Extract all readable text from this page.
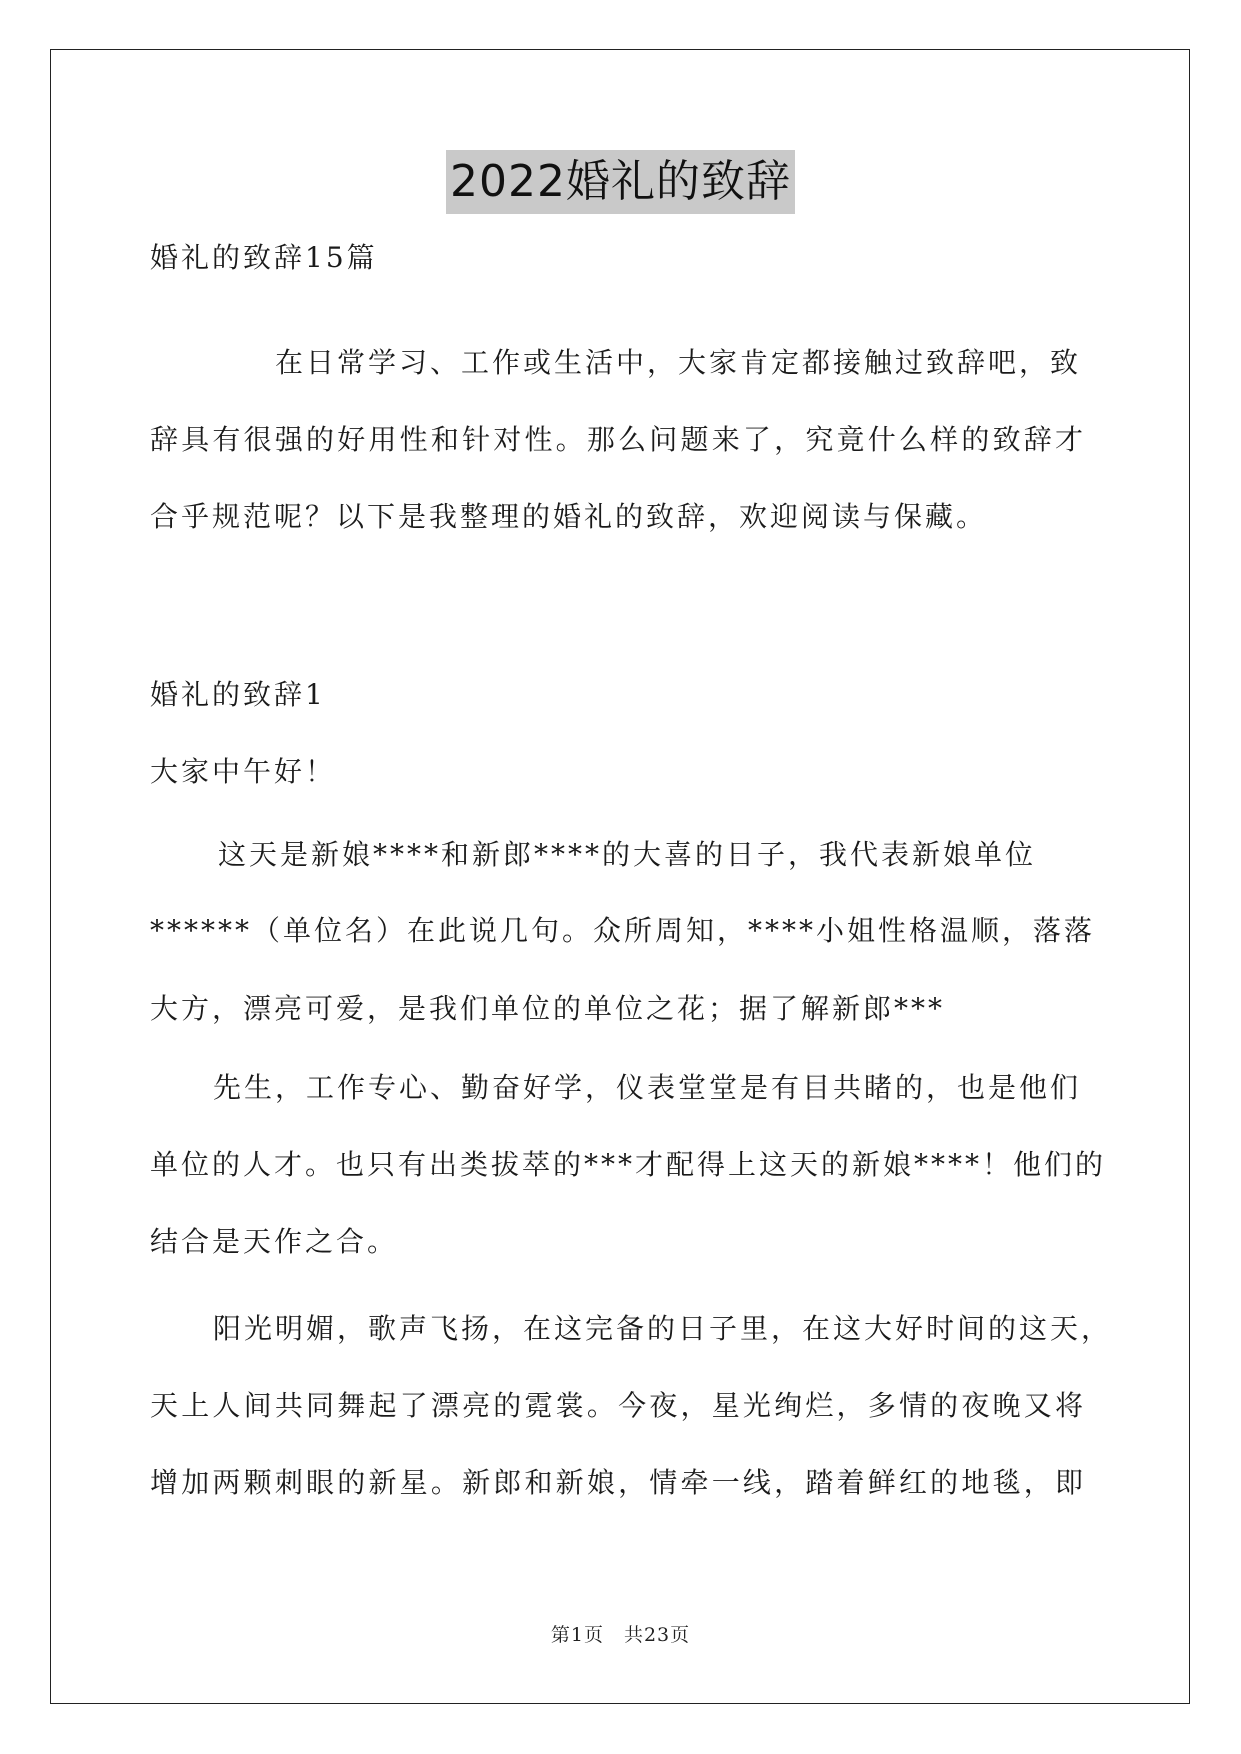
2022婚礼的致辞
婚礼的致辞15篇
在日常学习、工作或生活中，大家肯定都接触过致辞吧，致
辞具有很强的好用性和针对性。那么问题来了，究竟什么样的致辞才
合乎规范呢？以下是我整理的婚礼的致辞，欢迎阅读与保藏。
婚礼的致辞1
大家中午好！
这天是新娘****和新郎****的大喜的日子，我代表新娘单位
******（单位名）在此说几句。众所周知，****小姐性格温顺，落落
大方，漂亮可爱，是我们单位的单位之花；据了解新郎***
先生，工作专心、勤奋好学，仪表堂堂是有目共睹的，也是他们
单位的人才。也只有出类拔萃的***才配得上这天的新娘****！他们的
结合是天作之合。
阳光明媚，歌声飞扬，在这完备的日子里，在这大好时间的这天，
天上人间共同舞起了漂亮的霓裳。今夜，星光绚烂，多情的夜晚又将
增加两颗刺眼的新星。新郎和新娘，情牵一线，踏着鲜红的地毯，即
第1页　共23页
